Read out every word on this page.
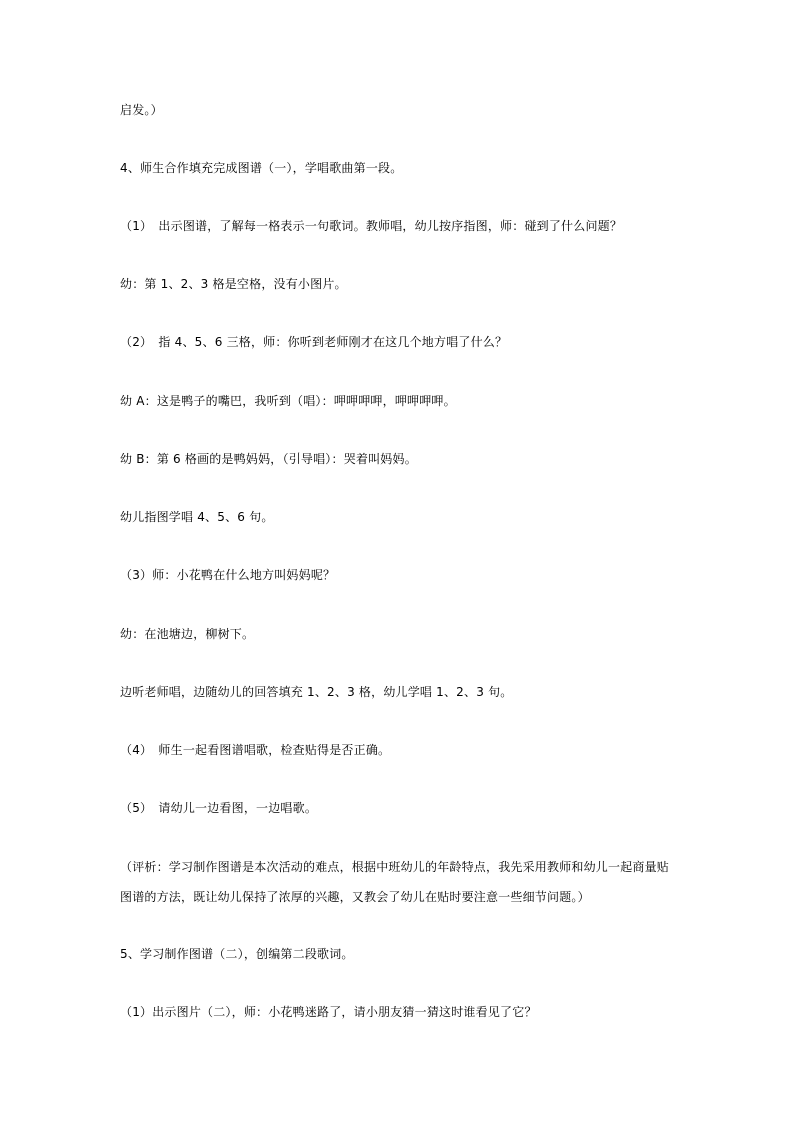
启发。）
4、师生合作填充完成图谱（一），学唱歌曲第一段。
（1）　出示图谱，了解每一格表示一句歌词。教师唱，幼儿按序指图，师：碰到了什么问题？
幼：第 1、2、3 格是空格，没有小图片。
（2）　指 4、5、6 三格，师：你听到老师刚才在这几个地方唱了什么？
幼 A：这是鸭子的嘴巴，我听到（唱）：呷呷呷呷，呷呷呷呷。
幼 B：第 6 格画的是鸭妈妈，（引导唱）：哭着叫妈妈。
幼儿指图学唱 4、5、6 句。
（3）师：小花鸭在什么地方叫妈妈呢？
幼：在池塘边，柳树下。
边听老师唱，边随幼儿的回答填充 1、2、3 格，幼儿学唱 1、2、3 句。
（4）　师生一起看图谱唱歌，检查贴得是否正确。
（5）　请幼儿一边看图，一边唱歌。
（评析：学习制作图谱是本次活动的难点，根据中班幼儿的年龄特点，我先采用教师和幼儿一起商量贴图谱的方法，既让幼儿保持了浓厚的兴趣，又教会了幼儿在贴时要注意一些细节问题。）
5、学习制作图谱（二），创编第二段歌词。
（1）出示图片（二），师：小花鸭迷路了，请小朋友猜一猜这时谁看见了它？
